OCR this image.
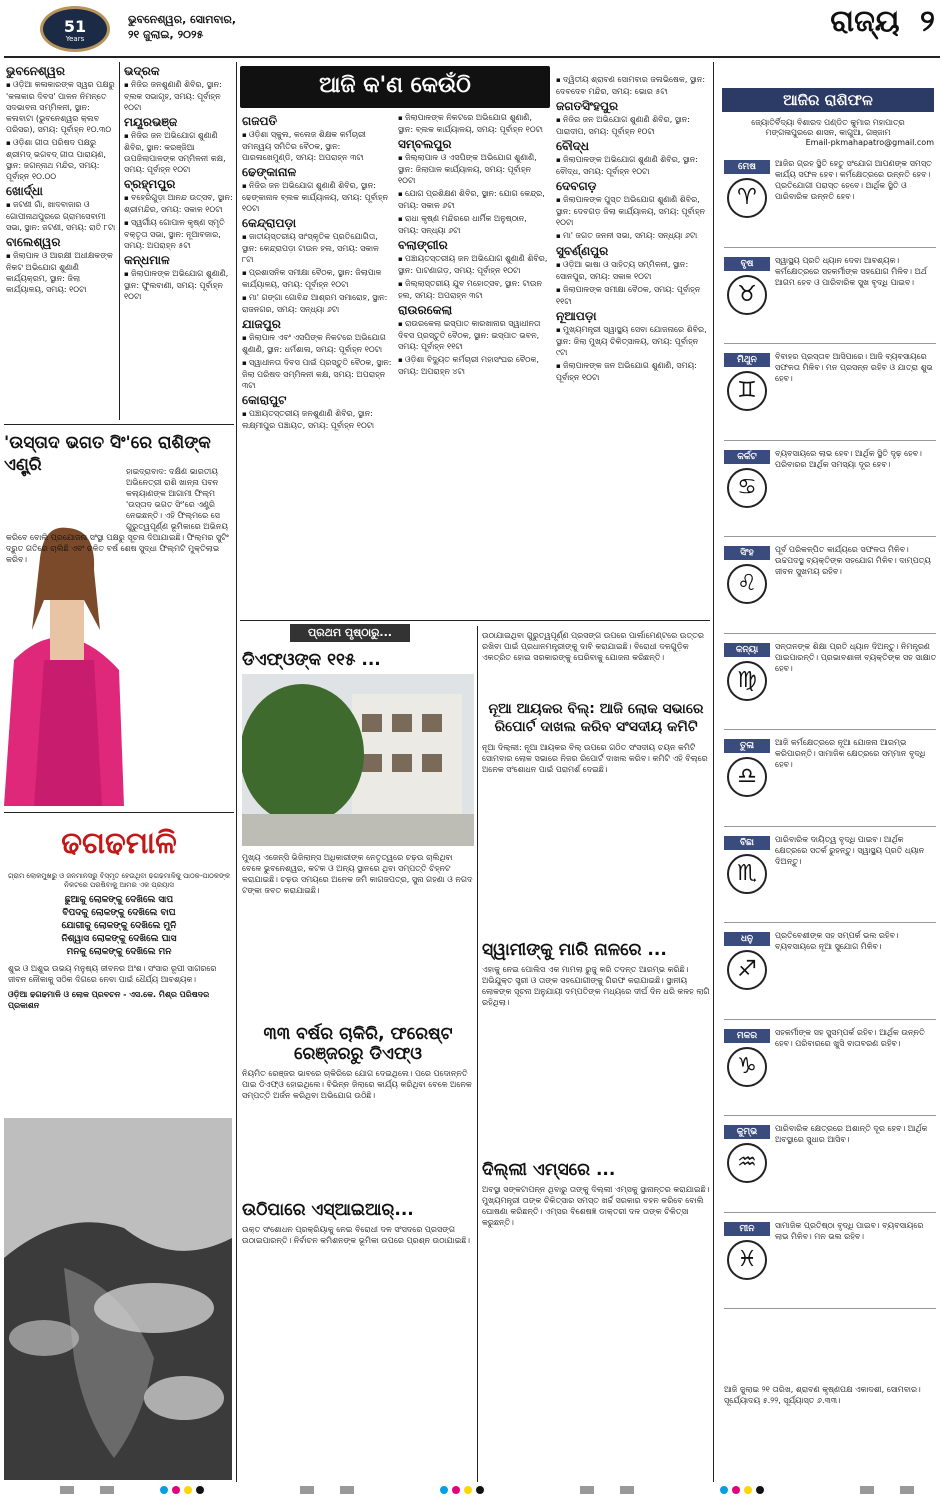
51
Years
ଭୁବନେଶ୍ୱର, ସୋମବାର,
୨୧ ଜୁଲାଇ, ୨୦୨୫	ରାଜ୍ୟ ୨
ଆଜି କ'ଣ କେଉଁଠି
ଭୁବନେଶ୍ୱର
▪ ଓଡ଼ିଆ କଳାକାରଙ୍କ ସ୍ୱର ପକ୍ଷରୁ 'କଳାକାର ଦିବସ' ପାଳନ ନିମନ୍ତେ ସଦଭାବନା ସମ୍ମିଳନୀ, ସ୍ଥାନ: କଳାବାଟା (ଭୁବନେଶ୍ୱର କ୍ଲବ ପରିସର), ସମୟ: ପୂର୍ବାହ୍ନ ୧୦.୩୦
▪ ଓଡ଼ିଶା ଗୀତା ପରିଷଦ ପକ୍ଷରୁ ଶ୍ରୀମଦ୍ ଭଗବଦ୍ ଗୀତା ପାରାୟଣ, ସ୍ଥାନ: ଜଗନ୍ନାଥ ମନ୍ଦିର, ସମୟ: ପୂର୍ବାହ୍ନ ୧୦.୦୦
ଖୋର୍ଦ୍ଧା
▪ ଜଟଣୀ ଗାଁ, ଖାଦବାଜାର ଓ ଗୋପୀନାଥପୁରରେ ଗ୍ରାମସେବାମୀ ସଭା, ସ୍ଥାନ: ଜଟଣୀ, ସମୟ: ରାତି ୮ଟା
ବାଲେଶ୍ୱର
▪ ଜିଲାପାଳ ଓ ଆରକ୍ଷୀ ଅଧୀକ୍ଷକଙ୍କ ନିକଟ ଅଭିଯୋଗ ଶୁଣାଣି କାର୍ଯ୍ୟକ୍ରମ, ସ୍ଥାନ: ଜିଲା କାର୍ଯ୍ୟାଳୟ, ସମୟ: ୧୦ଟା
ଭଦ୍ରକ
▪ ନିଜିର ଜନଶୁଣାଣି ଶିବିର, ସ୍ଥାନ: ବ୍ଲକ ସଭାଗୃହ, ସମୟ: ପୂର୍ବାହ୍ନ ୧୦ଟା
ମୟୂରଭଞ୍ଜ
▪ ନିଜିର ଜନ ଅଭିଯୋଗ ଶୁଣାଣି ଶିବିର, ସ୍ଥାନ: କରଞ୍ଜିଆ ଉପଜିଲାପାଳଙ୍କ ସମ୍ମିଳନୀ କକ୍ଷ, ସମୟ: ପୂର୍ବାହ୍ନ ୧୦ଟା
ବ୍ରହ୍ମପୁର
▪ ବହେରିଗୁଡ଼ା ଆନନ୍ଦ ଉତ୍ସବ, ସ୍ଥାନ: ଶ୍ରୀମନ୍ଦିର, ସମୟ: ସକାଳ ୧୦ଟା
▪ ସ୍ୱର୍ଗୀୟ ଗୋପାଳ କୃଷ୍ଣ ସ୍ମୃତି ବକ୍ତୃତା ସଭା, ସ୍ଥାନ: ନୂଆବଜାର, ସମୟ: ଅପରାହ୍ନ ୫ଟା
କନ୍ଧମାଳ
▪ ଜିଲାପାଳଙ୍କ ଅଭିଯୋଗ ଶୁଣାଣି, ସ୍ଥାନ: ଫୁଲବାଣୀ, ସମୟ: ପୂର୍ବାହ୍ନ ୧୦ଟା
ଗଜପତି
▪ ଓଡ଼ିଶା ସ୍କୁଲ, କଲେଜ ଶିକ୍ଷକ କର୍ମଚାରୀ ସମନ୍ୱୟ ସମିତିର ବୈଠକ, ସ୍ଥାନ: ପାରଳାଖେମୁଣ୍ଡି, ସମୟ: ଅପରାହ୍ନ ୩ଟା
ଢେଙ୍କାନାଳ
▪ ନିଜିର ଜନ ଅଭିଯୋଗ ଶୁଣାଣି ଶିବିର, ସ୍ଥାନ: ଢେଙ୍କାନାଳ ବ୍ଲକ କାର୍ଯ୍ୟାଳୟ, ସମୟ: ପୂର୍ବାହ୍ନ ୧୦ଟା
କେନ୍ଦ୍ରାପଡ଼ା
▪ ଜାତୀୟସ୍ତରୀୟ ସାଂସ୍କୃତିକ ପ୍ରତିଯୋଗିତା, ସ୍ଥାନ: କେନ୍ଦ୍ରାପଡ଼ା ଟାଉନ ହଲ, ସମୟ: ସକାଳ ୮ଟା
▪ ପ୍ରଶାସନିକ ସମୀକ୍ଷା ବୈଠକ, ସ୍ଥାନ: ଜିଲାପାଳ କାର୍ଯ୍ୟାଳୟ, ସମୟ: ପୂର୍ବାହ୍ନ ୧୦ଟା
▪ ମା' ଗଙ୍ଗା ଗୋବିନ୍ଦ ଆଶ୍ରମ ସମାରୋହ, ସ୍ଥାନ: ରାଜନଗର, ସମୟ: ସନ୍ଧ୍ୟା ୬ଟା
ଯାଜପୁର
▪ ଜିଲାପାଳ ଏବଂ ଏସପିଙ୍କ ନିକଟରେ ଅଭିଯୋଗ ଶୁଣାଣି, ସ୍ଥାନ: ଧର୍ମଶାଳା, ସମୟ: ପୂର୍ବାହ୍ନ ୧୦ଟା
▪ ସ୍ୱାଧୀନତା ଦିବସ ପାଇଁ ପ୍ରସ୍ତୁତି ବୈଠକ, ସ୍ଥାନ: ଜିଲା ପରିଷଦ ସମ୍ମିଳନୀ କକ୍ଷ, ସମୟ: ଅପରାହ୍ନ ୩ଟା
କୋରାପୁଟ
▪ ପଞ୍ଚାୟତସ୍ତରୀୟ ଜନଶୁଣାଣି ଶିବିର, ସ୍ଥାନ: ଲକ୍ଷ୍ମୀପୁର ପଞ୍ଚାୟତ, ସମୟ: ପୂର୍ବାହ୍ନ ୧୦ଟା
▪ ଜିଲାପାଳଙ୍କ ନିକଟରେ ଅଭିଯୋଗ ଶୁଣାଣି, ସ୍ଥାନ: ବ୍ଲକ କାର୍ଯ୍ୟାଳୟ, ସମୟ: ପୂର୍ବାହ୍ନ ୧୦ଟା
ସମ୍ବଲପୁର
▪ ଜିଲ୍ଲାପାଳ ଓ ଏସପିଙ୍କ ଅଭିଯୋଗ ଶୁଣାଣି, ସ୍ଥାନ: ଜିଲାପାଳ କାର୍ଯ୍ୟାଳୟ, ସମୟ: ପୂର୍ବାହ୍ନ ୧୦ଟା
▪ ଯୋଗ ପ୍ରଶିକ୍ଷଣ ଶିବିର, ସ୍ଥାନ: ଯୋଗ କେନ୍ଦ୍ର, ସମୟ: ସକାଳ ୬ଟା
▪ ରାଧା କୃଷ୍ଣ ମନ୍ଦିରରେ ଧାର୍ମିକ ଅନୁଷ୍ଠାନ, ସମୟ: ସନ୍ଧ୍ୟା ୬ଟା
ବଲାଙ୍ଗୀର
▪ ପଞ୍ଚାୟତସ୍ତରୀୟ ଜନ ଅଭିଯୋଗ ଶୁଣାଣି ଶିବିର, ସ୍ଥାନ: ପାଟଣାଗଡ଼, ସମୟ: ପୂର୍ବାହ୍ନ ୧୦ଟା
▪ ଜିଲ୍ଲାସ୍ତରୀୟ ଯୁବ ମହୋତ୍ସବ, ସ୍ଥାନ: ଟାଉନ ହଲ, ସମୟ: ଅପରାହ୍ନ ୩ଟା
ରାଉରକେଲା
▪ ରାଉରକେଲା ଇସ୍ପାତ କାରଖାନାର ସ୍ୱାଧୀନତା ଦିବସ ପ୍ରସ୍ତୁତି ବୈଠକ, ସ୍ଥାନ: ଇସ୍ପାତ ଭବନ, ସମୟ: ପୂର୍ବାହ୍ନ ୧୧ଟା
▪ ଓଡ଼ିଶା ବିଦ୍ୟୁତ କର୍ମଚାରୀ ମହାସଂଘର ବୈଠକ, ସମୟ: ଅପରାହ୍ନ ୪ଟା
▪ ଦ୍ୱିତୀୟ ଶ୍ରାବଣ ସୋମବାର ଜଳାଭିଷେକ, ସ୍ଥାନ: ଦେବଦେବ ମନ୍ଦିର, ସମୟ: ଭୋର ୫ଟା
ଜଗତସିଂହପୁର
▪ ନିଜିର ଜନ ଅଭିଯୋଗ ଶୁଣାଣି ଶିବିର, ସ୍ଥାନ: ପାରାଦୀପ, ସମୟ: ପୂର୍ବାହ୍ନ ୧୦ଟା
ବୌଦ୍ଧ
▪ ଜିଲାପାଳଙ୍କ ଅଭିଯୋଗ ଶୁଣାଣି ଶିବିର, ସ୍ଥାନ: ବୌଦ୍ଧ, ସମୟ: ପୂର୍ବାହ୍ନ ୧୦ଟା
ଦେବଗଡ଼
▪ ଜିଲାପାଳଙ୍କ ପୁସ୍ତ ଅଭିଯୋଗ ଶୁଣାଣି ଶିବିର, ସ୍ଥାନ: ଦେବଗଡ଼ ଜିଲା କାର୍ଯ୍ୟାଳୟ, ସମୟ: ପୂର୍ବାହ୍ନ ୧୦ଟା
▪ ମା' ଜଗତ ଜନନୀ ସଭା, ସମୟ: ସନ୍ଧ୍ୟା ୬ଟା
ସୁବର୍ଣ୍ଣପୁର
▪ ଓଡ଼ିଆ ଭାଷା ଓ ସାହିତ୍ୟ ସମ୍ମିଳନୀ, ସ୍ଥାନ: ସୋନପୁର, ସମୟ: ସକାଳ ୧୦ଟା
▪ ଜିଲାପାଳଙ୍କ ସମୀକ୍ଷା ବୈଠକ, ସମୟ: ପୂର୍ବାହ୍ନ ୧୧ଟା
ନୂଆପଡ଼ା
▪ ମୁଖ୍ୟମନ୍ତ୍ରୀ ସ୍ୱାସ୍ଥ୍ୟ ସେବା ଯୋଜନାରେ ଶିବିର, ସ୍ଥାନ: ଜିଲା ମୁଖ୍ୟ ଚିକିତ୍ସାଳୟ, ସମୟ: ପୂର୍ବାହ୍ନ ୯ଟା
▪ ଜିଲାପାଳଙ୍କ ଜନ ଅଭିଯୋଗ ଶୁଣାଣି, ସମୟ: ପୂର୍ବାହ୍ନ ୧୦ଟା
'ଉସ୍ତାଦ ଭଗତ ସିଂ'ରେ ରାଶିଙ୍କ ଏଣ୍ଟ୍ରି	ହାଇଦ୍ରାବାଦ: ଦକ୍ଷିଣ ଭାରତୀୟ ଅଭିନେତ୍ରୀ ରାଶି ଖାନ୍ନା ପବନ କଲ୍ୟାଣଙ୍କ ଆଗାମୀ ଫିଲ୍ମ 'ଉସ୍ତାଦ ଭଗତ ସିଂ'ରେ ଏଣ୍ଟ୍ରି ନେଇଛନ୍ତି। ଏହି ଫିଲ୍ମରେ ସେ ଗୁରୁତ୍ୱପୂର୍ଣ୍ଣ ଭୂମିକାରେ ଅଭିନୟ କରିବେ ବୋଲି ପ୍ରଯୋଜନା ସଂସ୍ଥା ପକ୍ଷରୁ ସୂଚନା ଦିଆଯାଇଛି। ଫିଲ୍ମର ସୁଟିଂ ଦ୍ରୁତ ଗତିରେ ଚାଲିଛି ଏବଂ ଚଳିତ ବର୍ଷ ଶେଷ ସୁଦ୍ଧା ଫିଲ୍ମଟି ମୁକ୍ତିଲାଭ କରିବ।
ଢଗଢମାଳି
ଗ୍ରାମ ଲୋକମୁଖରୁ ଓ ଜନମାନସରୁ ବିସ୍ମୃତ ହେଉଥିବା ଢଗଢମାଳିକୁ ପାଠକ-ପାଠକଙ୍କ ନିକଟରେ ପରଷିବାକୁ ଆମର ଏକ ପ୍ରୟାସ
ଛୁଆକୁ ଲୋକଙ୍କୁ ଦେଖିଲେ ସାପ
ବିପଦକୁ ଲୋକଙ୍କୁ ଦେଖିଲେ ବାଘ
ଯୋଗୀକୁ ଲୋକଙ୍କୁ ଦେଖିଲେ ମୁନି
ନିଶ୍ୱାସ ଲୋକଙ୍କୁ ଦେଖିଲେ ଘାସ
ମନକୁ ଲୋକଙ୍କୁ ଦେଖିଲେ ମନ
ଶୁଭ ଓ ଅଶୁଭ ଉଭୟ ମନୁଷ୍ୟ ଜୀବନର ଅଂଶ। ସଂସାର ରୂପୀ ସାଗରରେ ଜୀବନ ନୌକାକୁ ସଠିକ ଦିଗରେ ନେବା ପାଇଁ ଧୈର୍ଯ୍ୟ ଆବଶ୍ୟକ।
ଓଡ଼ିଆ ଢଗଢମାଳି ଓ ଲୋକ ପ୍ରବଚନ - ଏସ.କେ. ମିଶ୍ର ପରିଷଦର ପ୍ରକାଶନ
ପ୍ରଥମ ପୃଷ୍ଠାରୁ...
ଡିଏଫ୍‌ଓଙ୍କ ୧୧୫ ...
ମୁଖ୍ୟ ଏଜେନ୍ସି ଭିଜିଲାନ୍ସ ଅଧିକାରୀଙ୍କ ନେତୃତ୍ୱରେ ଚଢ଼ଉ ଚାଲିଥିବା ବେଳେ ଭୁବନେଶ୍ୱର, କଟକ ଓ ଅନ୍ୟ ସ୍ଥାନରେ ଥିବା ସମ୍ପତ୍ତି ଚିହ୍ନଟ କରାଯାଇଛି। ଚଢ଼ଉ ସମୟରେ ଅନେକ ଜମି କାଗଜପତ୍ର, ସୁନା ଗହଣା ଓ ନଗଦ ଟଙ୍କା ଜବତ କରାଯାଇଛି।
୩୩ ବର୍ଷର ଚାକିରି, ଫରେଷ୍ଟ ରେଞ୍ଜରରୁ ଡିଏଫ୍‌ଓ
ନିୟମିତ ରେଞ୍ଜର ଭାବରେ ଚାକିରିରେ ଯୋଗ ଦେଇଥିଲେ। ପରେ ପଦୋନ୍ନତି ପାଇ ଡିଏଫ୍‌ଓ ହୋଇଥିଲେ। ବିଭିନ୍ନ ଜିଲାରେ କାର୍ଯ୍ୟ କରିଥିବା ବେଳେ ଅନେକ ସମ୍ପତ୍ତି ଅର୍ଜନ କରିଥିବା ଅଭିଯୋଗ ଉଠିଛି।
ଉଠିପାରେ ଏସ୍‌ଆଇଆର୍...
ଉକ୍ତ ସଂଶୋଧନ ପ୍ରକ୍ରିୟାକୁ ନେଇ ବିରୋଧୀ ଦଳ ସଂସଦରେ ପ୍ରସଙ୍ଗ ଉଠାଇପାରନ୍ତି। ନିର୍ବାଚନ କମିଶନଙ୍କ ଭୂମିକା ଉପରେ ପ୍ରଶ୍ନ ଉଠାଯାଇଛି।
ଉଠାଯାଇଥିବା ଗୁରୁତ୍ୱପୂର୍ଣ୍ଣ ପ୍ରସଙ୍ଗ ଉପରେ ପାର୍ଲାମେଣ୍ଟରେ ଉତ୍ତର ରଖିବା ପାଇଁ ପ୍ରଧାନମନ୍ତ୍ରୀଙ୍କୁ ଦାବି କରାଯାଇଛି। ବିରୋଧୀ ଦଳଗୁଡ଼ିକ ଏକତ୍ରିତ ହୋଇ ସରକାରଙ୍କୁ ଘେରିବାକୁ ଯୋଜନା କରିଛନ୍ତି।
ନୂଆ ଆୟକର ବିଲ୍: ଆଜି ଲୋକ ସଭାରେ ରିପୋର୍ଟ ଦାଖଲ କରିବ ସଂସଦୀୟ କମିଟି
ନୂଆ ଦିଲ୍ଲୀ: ନୂଆ ଆୟକର ବିଲ୍ ଉପରେ ଗଠିତ ସଂସଦୀୟ ଚୟନ କମିଟି ସୋମବାର ଲୋକ ସଭାରେ ନିଜର ରିପୋର୍ଟ ଦାଖଲ କରିବ। କମିଟି ଏହି ବିଲ୍‌ରେ ଅନେକ ସଂଶୋଧନ ପାଇଁ ପରାମର୍ଶ ଦେଇଛି।
ସ୍ୱାମୀଙ୍କୁ ମାରି ନାଳରେ ...
ଏହାକୁ ନେଇ ପୋଲିସ ଏକ ମାମଲା ରୁଜୁ କରି ତଦନ୍ତ ଆରମ୍ଭ କରିଛି। ଅଭିଯୁକ୍ତ ସ୍ତ୍ରୀ ଓ ତାଙ୍କ ସହଯୋଗୀଙ୍କୁ ଗିରଫ କରାଯାଇଛି। ସ୍ଥାନୀୟ ଲୋକଙ୍କ ସୂଚନା ଅନୁଯାୟୀ ଦମ୍ପତିଙ୍କ ମଧ୍ୟରେ ଦୀର୍ଘ ଦିନ ଧରି କଳହ ଲାଗି ରହିଥିଲା।
ଦିଲ୍ଲୀ ଏମ୍ସରେ ...
ଅବସ୍ଥା ସଙ୍କଟାପନ୍ନ ଥିବାରୁ ତାଙ୍କୁ ଦିଲ୍ଲୀ ଏମ୍ସକୁ ସ୍ଥାନାନ୍ତର କରାଯାଇଛି। ମୁଖ୍ୟମନ୍ତ୍ରୀ ତାଙ୍କ ଚିକିତ୍ସାର ସମସ୍ତ ଖର୍ଚ୍ଚ ସରକାର ବହନ କରିବେ ବୋଲି ଘୋଷଣା କରିଛନ୍ତି। ଏମ୍ସର ବିଶେଷଜ୍ଞ ଡାକ୍ତରୀ ଦଳ ତାଙ୍କ ଚିକିତ୍ସା କରୁଛନ୍ତି।
ଆଜିର ରାଶିଫଳ
ଜ୍ୟୋତିର୍ବିଦ୍ୟା ବିଶାରଦ ପଣ୍ଡିତ କୁମାର ମହାପାତ୍ର
ମଙ୍ଗଳାପୁରରେ ଶାସନ, କାଗୁଆ, ଗଞ୍ଜାମ
Email-pkmahapatro@gmail.com
ମେଷ
♈
ଆଜିର ଗ୍ରହ ସ୍ଥିତି ହେତୁ ସଂଯୋଗ ଆପଣଙ୍କ ସମସ୍ତ କାର୍ଯ୍ୟ ସଫଳ ହେବ। କର୍ମକ୍ଷେତ୍ରରେ ଉନ୍ନତି ହେବ। ପ୍ରତିଯୋଗୀ ପରାସ୍ତ ହେବେ। ଆର୍ଥିକ ସ୍ଥିତି ଓ ପାରିବାରିକ ଉନ୍ନତି ହେବ।
ବୃଷ
♉
ସ୍ୱାସ୍ଥ୍ୟ ପ୍ରତି ଧ୍ୟାନ ଦେବା ଆବଶ୍ୟକ। କର୍ମକ୍ଷେତ୍ରରେ ସହକର୍ମୀଙ୍କ ସହଯୋଗ ମିଳିବ। ଅର୍ଥ ଆଗମ ହେବ ଓ ପାରିବାରିକ ସୁଖ ବୃଦ୍ଧି ପାଇବ।
ମିଥୁନ
♊
ବିବାହର ପ୍ରସ୍ତାବ ଆସିପାରେ। ଆଜି ବ୍ୟବସାୟରେ ସଫଳତା ମିଳିବ। ମନ ପ୍ରସନ୍ନ ରହିବ ଓ ଯାତ୍ରା ଶୁଭ ହେବ।
କର୍କଟ
♋
ବ୍ୟବସାୟରେ ଲାଭ ହେବ। ଆର୍ଥିକ ସ୍ଥିତି ଦୃଢ଼ ହେବ। ପରିବାରର ଆର୍ଥିକ ସମସ୍ୟା ଦୂର ହେବ।
ସିଂହ
♌
ପୂର୍ବ ପରିକଳ୍ପିତ କାର୍ଯ୍ୟରେ ସଫଳତା ମିଳିବ। ଉଚ୍ଚପଦସ୍ଥ ବ୍ୟକ୍ତିଙ୍କ ସହଯୋଗ ମିଳିବ। ଦାମ୍ପତ୍ୟ ଜୀବନ ସୁଖମୟ ରହିବ।
କନ୍ୟା
♍
ସନ୍ତାନଙ୍କ ଶିକ୍ଷା ପ୍ରତି ଧ୍ୟାନ ଦିଅନ୍ତୁ। ନିମନ୍ତ୍ରଣ ପାଇପାରନ୍ତି। ପ୍ରଭାବଶାଳୀ ବ୍ୟକ୍ତିଙ୍କ ସହ ସାକ୍ଷାତ ହେବ।
ତୁଳା
♎
ଆଜି କର୍ମକ୍ଷେତ୍ରରେ ନୂଆ ଯୋଜନା ଆରମ୍ଭ କରିପାରନ୍ତି। ସାମାଜିକ କ୍ଷେତ୍ରରେ ସମ୍ମାନ ବୃଦ୍ଧି ହେବ।
ବିଛା
♏
ପାରିବାରିକ ଦାୟିତ୍ୱ ବୃଦ୍ଧି ପାଇବ। ଆର୍ଥିକ କ୍ଷେତ୍ରରେ ସତର୍କ ରୁହନ୍ତୁ। ସ୍ୱାସ୍ଥ୍ୟ ପ୍ରତି ଧ୍ୟାନ ଦିଅନ୍ତୁ।
ଧନୁ
♐
ପ୍ରତିବେଶୀଙ୍କ ସହ ସମ୍ପର୍କ ଭଲ ରହିବ। ବ୍ୟବସାୟରେ ନୂଆ ସୁଯୋଗ ମିଳିବ।
ମକର
♑
ସହକର୍ମୀଙ୍କ ସହ ସୁସମ୍ପର୍କ ରହିବ। ଆର୍ଥିକ ଉନ୍ନତି ହେବ। ପରିବାରରେ ଖୁସି ବାତାବରଣ ରହିବ।
କୁମ୍ଭ
♒
ପାରିବାରିକ କ୍ଷେତ୍ରରେ ଅଶାନ୍ତି ଦୂର ହେବ। ଆର୍ଥିକ ଅବସ୍ଥାରେ ସୁଧାର ଆସିବ।
ମୀନ
♓
ସାମାଜିକ ପ୍ରତିଷ୍ଠା ବୃଦ୍ଧି ପାଇବ। ବ୍ୟବସାୟରେ ଲାଭ ମିଳିବ। ମନ ଭଲ ରହିବ।
ଆଜି ଜୁଲାଇ ୨୧ ତାରିଖ, ଶ୍ରାବଣ କୃଷ୍ଣପକ୍ଷ ଏକାଦଶୀ, ସୋମବାର। ସୂର୍ଯ୍ୟୋଦୟ ୫.୨୨, ସୂର୍ଯ୍ୟାସ୍ତ ୬.୩୩।
